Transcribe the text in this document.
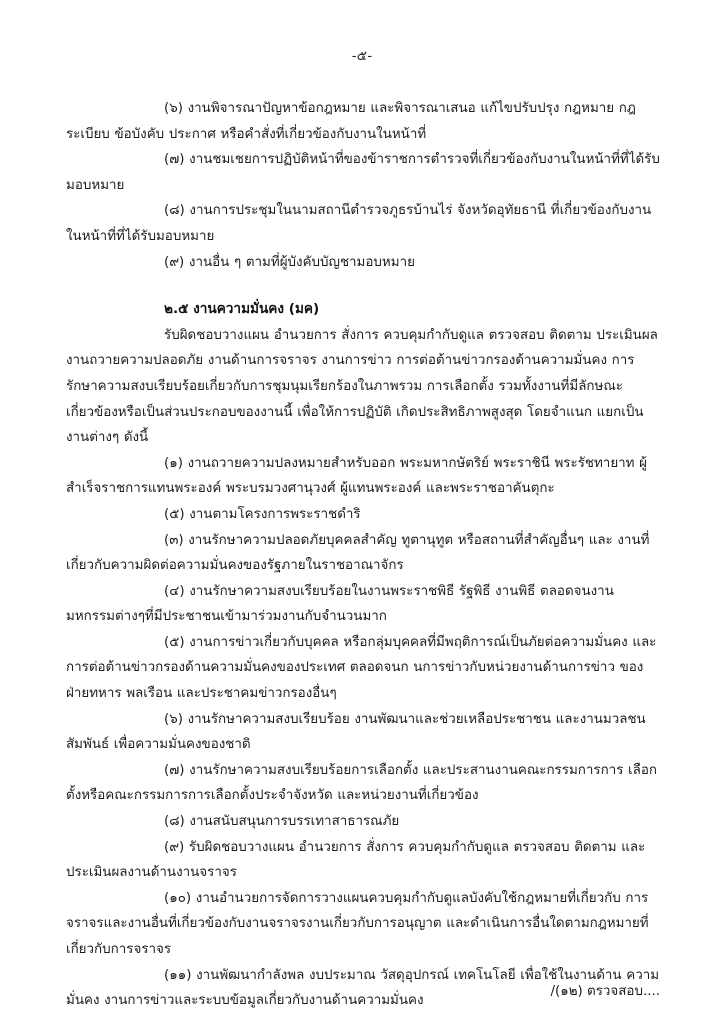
-๕-

(๖) งานพิจารณาปัญหาข้อกฎหมาย และพิจารณาเสนอ แก้ไขปรับปรุง กฎหมาย กฎ ระเบียบ ข้อบังคับ ประกาศ หรือคำสั่งที่เกี่ยวข้องกับงานในหน้าที่

(๗) งานชมเชยการปฏิบัติหน้าที่ของข้าราชการตำรวจที่เกี่ยวข้องกับงานในหน้าที่ที่ได้รับมอบหมาย

(๘) งานการประชุมในนามสถานีตำรวจภูธรบ้านไร่ จังหวัดอุทัยธานี ที่เกี่ยวข้องกับงานในหน้าที่ที่ได้รับมอบหมาย

(๙) งานอื่น ๆ ตามที่ผู้บังคับบัญชามอบหมาย

๒.๕ งานความมั่นคง (มค)

รับผิดชอบวางแผน อำนวยการ สั่งการ ควบคุมกำกับดูแล ตรวจสอบ ติดตาม ประเมินผล งานถวายความปลอดภัย งานด้านการจราจร งานการข่าว การต่อต้านข่าวกรองด้านความมั่นคง การรักษาความสงบเรียบร้อยเกี่ยวกับการชุมนุมเรียกร้องในภาพรวม การเลือกตั้ง รวมทั้งงานที่มีลักษณะ เกี่ยวข้องหรือเป็นส่วนประกอบของงานนี้ เพื่อให้การปฏิบัติ เกิดประสิทธิภาพสูงสุด โดยจำแนก แยกเป็นงานต่างๆ ดังนี้

(๑) งานถวายความปลงหมายสำหรับออก พระมหากษัตริย์ พระราชินี พระรัชทายาท ผู้สำเร็จราชการแทนพระองค์ พระบรมวงศานุวงศ์ ผู้แทนพระองค์ และพระราชอาคันตุกะ

(๕) งานตามโครงการพระราชดำริ

(๓) งานรักษาความปลอดภัยบุคคลสำคัญ ทูตานุทูต หรือสถานที่สำคัญอื่นๆ และ งานที่เกี่ยวกับความผิดต่อความมั่นคงของรัฐภายในราชอาณาจักร

(๔) งานรักษาความสงบเรียบร้อยในงานพระราชพิธี รัฐพิธี งานพิธี ตลอดจนงาน มหกรรมต่างๆที่มีประชาชนเข้ามาร่วมงานกับจำนวนมาก

(๕) งานการข่าวเกี่ยวกับบุคคล หรือกลุ่มบุคคลที่มีพฤติการณ์เป็นภัยต่อความมั่นคง และการต่อต้านข่าวกรองด้านความมั่นคงของประเทศ ตลอดจนก นการข่าวกับหน่วยงานด้านการข่าว ของฝ่ายทหาร พลเรือน และประชาคมข่าวกรองอื่นๆ

(๖) งานรักษาความสงบเรียบร้อย งานพัฒนาและช่วยเหลือประชาชน และงานมวลชนสัมพันธ์ เพื่อความมั่นคงของชาติ

(๗) งานรักษาความสงบเรียบร้อยการเลือกตั้ง และประสานงานคณะกรรมการการ เลือกตั้งหรือคณะกรรมการการเลือกตั้งประจำจังหวัด และหน่วยงานที่เกี่ยวข้อง

(๘) งานสนับสนุนการบรรเทาสาธารณภัย

(๙) รับผิดชอบวางแผน อำนวยการ สั่งการ ควบคุมกำกับดูแล ตรวจสอบ ติดตาม และประเมินผลงานด้านงานจราจร

(๑๐) งานอำนวยการจัดการวางแผนควบคุมกำกับดูแลบังคับใช้กฎหมายที่เกี่ยวกับ การจราจรและงานอื่นที่เกี่ยวข้องกับงานจราจรงานเกี่ยวกับการอนุญาต และดำเนินการอื่นใดตามกฎหมายที่ เกี่ยวกับการจราจร

(๑๑) งานพัฒนากำลังพล งบประมาณ วัสดุอุปกรณ์ เทคโนโลยี เพื่อใช้ในงานด้าน ความมั่นคง งานการข่าวและระบบข้อมูลเกี่ยวกับงานด้านความมั่นคง

/(๑๒) ตรวจสอบ....
